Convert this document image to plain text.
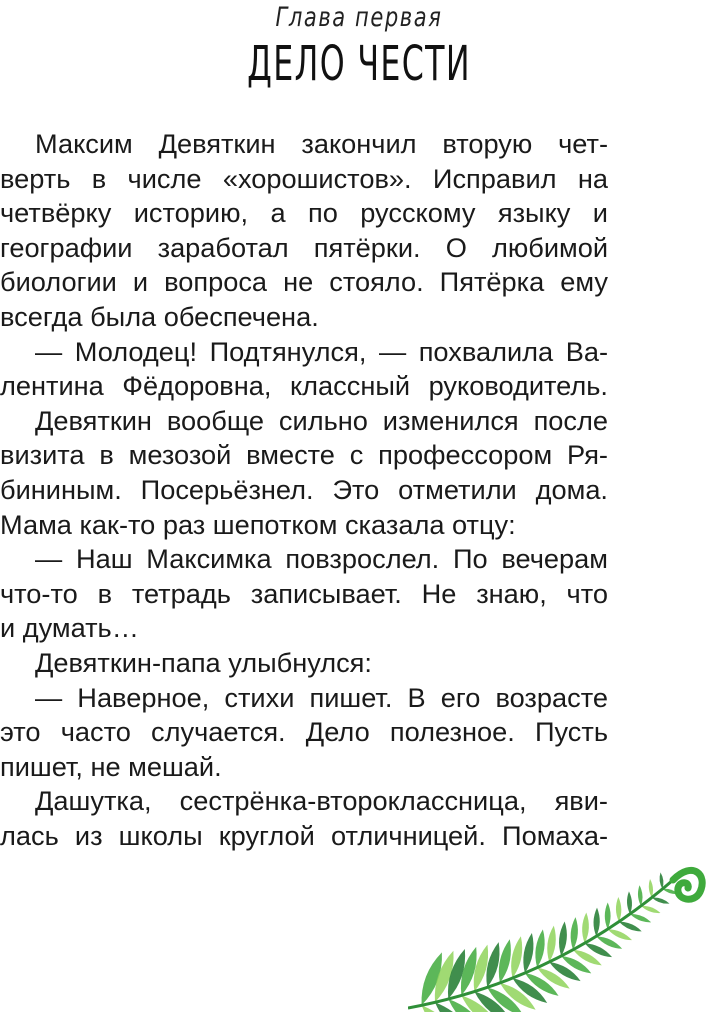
Глава первая
ДЕЛО ЧЕСТИ
Максим Девяткин закончил вторую чет-
верть в числе «хорошистов». Исправил на
четвёрку историю, а по русскому языку и
географии заработал пятёрки. О любимой
биологии и вопроса не стояло. Пятёрка ему
всегда была обеспечена.
— Молодец! Подтянулся, — похвалила Ва-
лентина Фёдоровна, классный руководитель.
Девяткин вообще сильно изменился после
визита в мезозой вместе с профессором Ря-
бининым. Посерьёзнел. Это отметили дома.
Мама как-то раз шепотком сказала отцу:
— Наш Максимка повзрослел. По вечерам
что-то в тетрадь записывает. Не знаю, что
и думать…
Девяткин-папа улыбнулся:
— Наверное, стихи пишет. В его возрасте
это часто случается. Дело полезное. Пусть
пишет, не мешай.
Дашутка, сестрёнка-второклассница, яви-
лась из школы круглой отличницей. Помаха-
